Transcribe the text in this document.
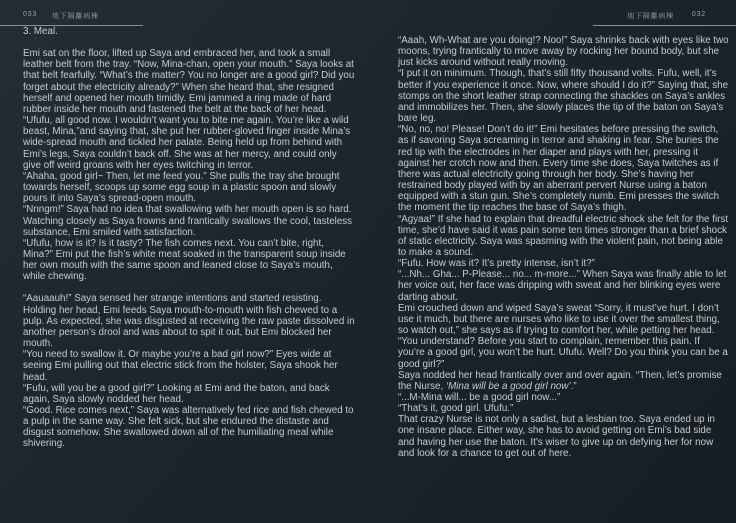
033 地下隔離病棟
3. Meal.

Emi sat on the floor, lifted up Saya and embraced her, and took a small leather belt from the tray. “Now, Mina-chan, open your mouth.” Saya looks at that belt fearfully. “What’s the matter? You no longer are a good girl? Did you forget about the electricity already?” When she heard that, she resigned herself and opened her mouth timidly. Emi jammed a ring made of hard rubber inside her mouth and fastened the belt at the back of her head. “Ufufu, all good now. I wouldn’t want you to bite me again. You’re like a wild beast, Mina,”and saying that, she put her rubber-gloved finger inside Mina’s wide-spread mouth and tickled her palate. Being held up from behind with Emi’s legs, Saya couldn’t back off. She was at her mercy, and could only give off weird groans with her eyes twitching in terror.

“Ahaha, good girl~ Then, let me feed you.” She pulls the tray she brought towards herself, scoops up some egg soup in a plastic spoon and slowly pours it into Saya’s spread-open mouth.

“Nnngm!” Saya had no idea that swallowing with her mouth open is so hard. Watching closely as Saya frowns and frantically swallows the cool, tasteless substance, Emi smiled with satisfaction.

“Ufufu, how is it? Is it tasty? The fish comes next. You can’t bite, right, Mina?” Emi put the fish’s white meat soaked in the transparent soup inside her own mouth with the same spoon and leaned close to Saya’s mouth, while chewing.

“Aauaauh!” Saya sensed her strange intentions and started resisting. Holding her head, Emi feeds Saya mouth-to-mouth with fish chewed to a pulp. As expected, she was disgusted at receiving the raw paste dissolved in another person’s drool and was about to spit it out, but Emi blocked her mouth.

“You need to swallow it. Or maybe you’re a bad girl now?” Eyes wide at seeing Emi pulling out that electric stick from the holster, Saya shook her head.

“Fufu, will you be a good girl?” Looking at Emi and the baton, and back again, Saya slowly nodded her head.

“Good. Rice comes next,” Saya was alternatively fed rice and fish chewed to a pulp in the same way. She felt sick, but she endured the distaste and disgust somehow. She swallowed down all of the humiliating meal while shivering.

地下隔離病棟	032

“Aaah, Wh-What are you doing!? Noo!” Saya shrinks back with eyes like two moons, trying frantically to move away by rocking her bound body, but she just kicks around without really moving.

“I put it on minimum. Though, that’s still fifty thousand volts. Fufu, well, it’s better if you experience it once. Now, where should I do it?” Saying that, she stomps on the short leather strap connecting the shackles on Saya’s ankles and immobilizes her. Then, she slowly places the tip of the baton on Saya’s bare leg.

“No, no, no! Please! Don’t do it!” Emi hesitates before pressing the switch, as if savoring Saya screaming in terror and shaking in fear. She buries the red tip with the electrodes in her diaper and plays with her, pressing it against her crotch now and then. Every time she does, Saya twitches as if there was actual electricity going through her body. She’s having her restrained body played with by an aberrant pervert Nurse using a baton equipped with a stun gun. She’s completely numb. Emi presses the switch the moment the tip reaches the base of Saya’s thigh.

“Agyaa!” If she had to explain that dreadful electric shock she felt for the first time, she’d have said it was pain some ten times stronger than a brief shock of static electricity. Saya was spasming with the violent pain, not being able to make a sound.

“Fufu. How was it? It’s pretty intense, isn’t it?”

“...Nh... Gha... P-Please... no... m-more...” When Saya was finally able to let her voice out, her face was dripping with sweat and her blinking eyes were darting about.

Emi crouched down and wiped Saya’s sweat “Sorry, it must’ve hurt. I don’t use it much, but there are nurses who like to use it over the smallest thing, so watch out,” she says as if trying to comfort her, while petting her head. “You understand? Before you start to complain, remember this pain. If you’re a good girl, you won’t be hurt. Ufufu. Well? Do you think you can be a good girl?”

Saya nodded her head frantically over and over again. “Then, let’s promise the Nurse, ‘Mina will be a good girl now’.”

“...M-Mina will... be a good girl now...”

“That’s it, good girl. Ufufu.”

That crazy Nurse is not only a sadist, but a lesbian too. Saya ended up in one insane place. Either way, she has to avoid getting on Emi’s bad side and having her use the baton. It’s wiser to give up on defying her for now and look for a chance to get out of here.
